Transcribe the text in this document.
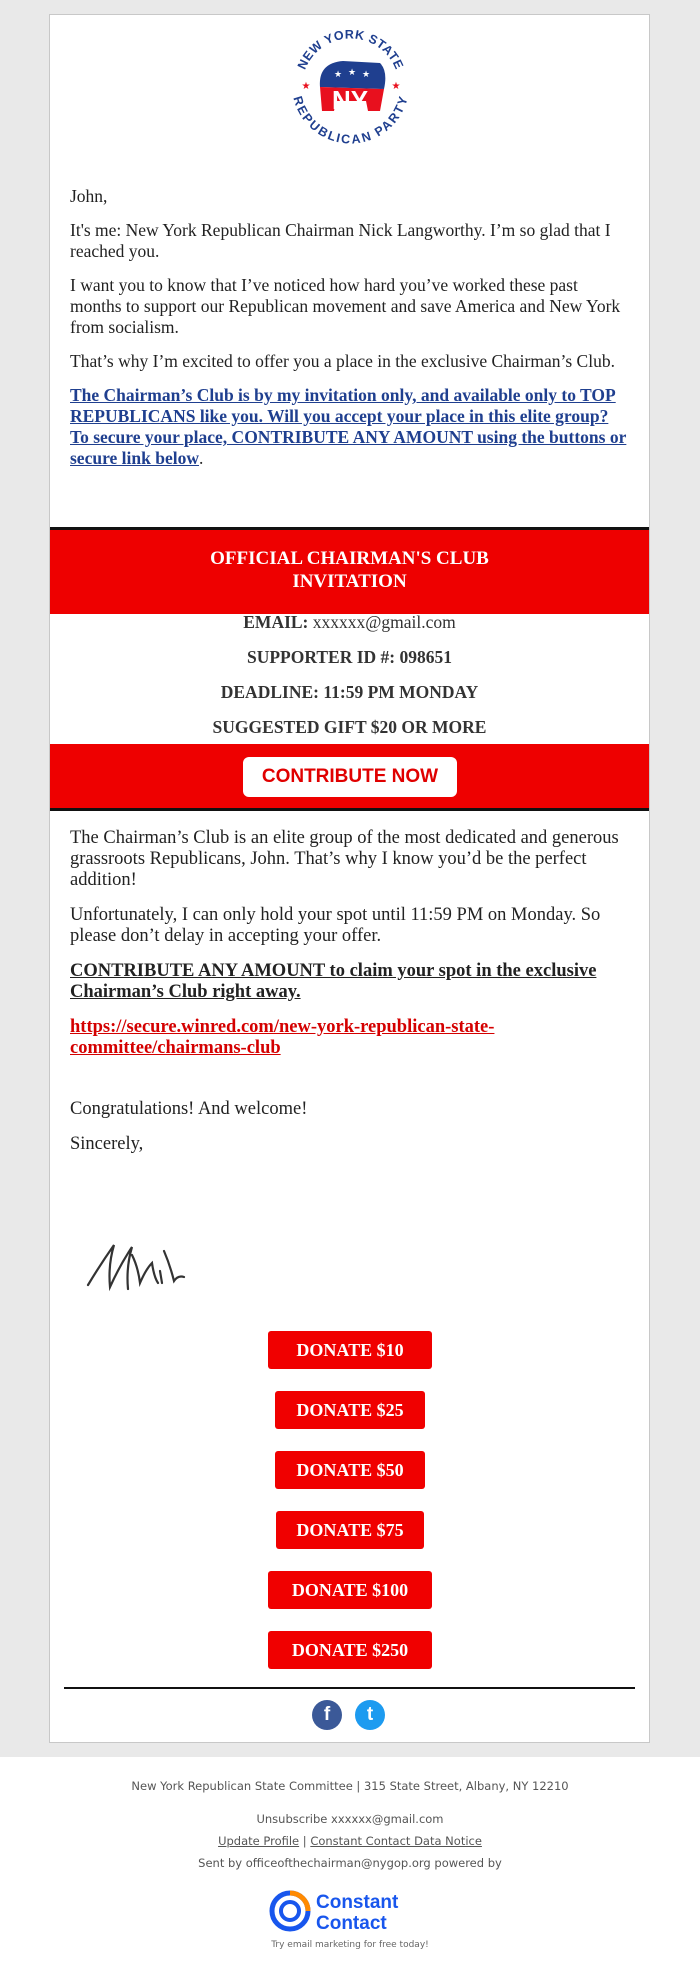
NEW YORK STATE
REPUBLICAN PARTY
★ ★ ★
NY
★	★

John,

It's me: New York Republican Chairman Nick Langworthy. I’m so glad that I reached you.

I want you to know that I’ve noticed how hard you’ve worked these past months to support our Republican movement and save America and New York from socialism.

That’s why I’m excited to offer you a place in the exclusive Chairman’s Club.

The Chairman’s Club is by my invitation only, and available only to TOP REPUBLICANS like you. Will you accept your place in this elite group? To secure your place, CONTRIBUTE ANY AMOUNT using the buttons or secure link below.

OFFICIAL CHAIRMAN'S CLUB
INVITATION
EMAIL: xxxxxx@gmail.com
SUPPORTER ID #: 098651
DEADLINE: 11:59 PM MONDAY
SUGGESTED GIFT $20 OR MORE
CONTRIBUTE NOW

The Chairman’s Club is an elite group of the most dedicated and generous grassroots Republicans, John. That’s why I know you’d be the perfect addition!

Unfortunately, I can only hold your spot until 11:59 PM on Monday. So please don’t delay in accepting your offer.

CONTRIBUTE ANY AMOUNT to claim your spot in the exclusive Chairman’s Club right away.

https://secure.winred.com/new-york-republican-state-committee/chairmans-club

Congratulations! And welcome!

Sincerely,

DONATE $10
DONATE $25
DONATE $50
DONATE $75
DONATE $100
DONATE $250
f	t
New York Republican State Committee | 315 State Street, Albany, NY 12210
Unsubscribe xxxxxx@gmail.com
Update Profile | Constant Contact Data Notice
Sent by officeofthechairman@nygop.org powered by
Constant
Contact
Try email marketing for free today!
